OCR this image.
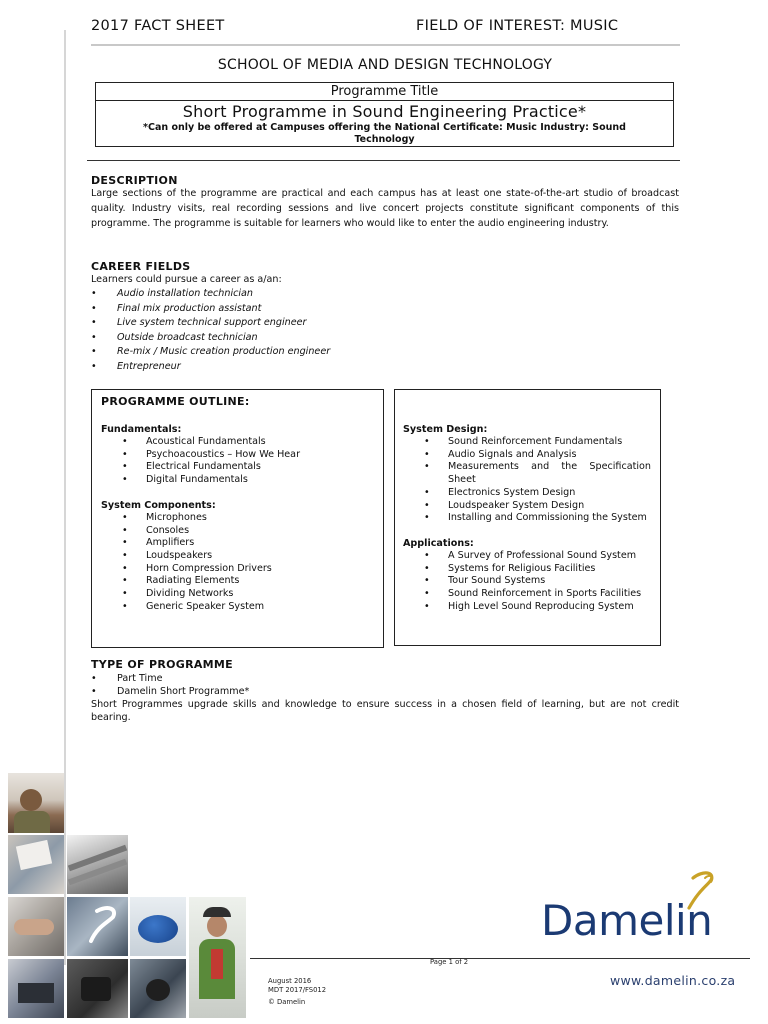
2017 FACT SHEET	FIELD OF INTEREST: MUSIC
SCHOOL OF MEDIA AND DESIGN TECHNOLOGY
Programme Title
Short Programme in Sound Engineering Practice*
*Can only be offered at Campuses offering the National Certificate: Music Industry: Sound Technology
DESCRIPTION
Large sections of the programme are practical and each campus has at least one state-of-the-art studio of broadcast quality. Industry visits, real recording sessions and live concert projects constitute significant components of this programme. The programme is suitable for learners who would like to enter the audio engineering industry.
CAREER FIELDS
Learners could pursue a career as a/an:
• Audio installation technician
• Final mix production assistant
• Live system technical support engineer
• Outside broadcast technician
• Re-mix / Music creation production engineer
• Entrepreneur
PROGRAMME OUTLINE:
Fundamentals:
• Acoustical Fundamentals
• Psychoacoustics – How We Hear
• Electrical Fundamentals
• Digital Fundamentals
System Components:
• Microphones
• Consoles
• Amplifiers
• Loudspeakers
• Horn Compression Drivers
• Radiating Elements
• Dividing Networks
• Generic Speaker System
System Design:
• Sound Reinforcement Fundamentals
• Audio Signals and Analysis
• Measurements and the Specification Sheet
• Electronics System Design
• Loudspeaker System Design
• Installing and Commissioning the System
Applications:
• A Survey of Professional Sound System
• Systems for Religious Facilities
• Tour Sound Systems
• Sound Reinforcement in Sports Facilities
• High Level Sound Reproducing System
TYPE OF PROGRAMME
• Part Time
• Damelin Short Programme*
Short Programmes upgrade skills and knowledge to ensure success in a chosen field of learning, but are not credit bearing.
Page 1 of 2
August 2016
MDT 2017/FS012
© Damelin
Damelin
www.damelin.co.za
